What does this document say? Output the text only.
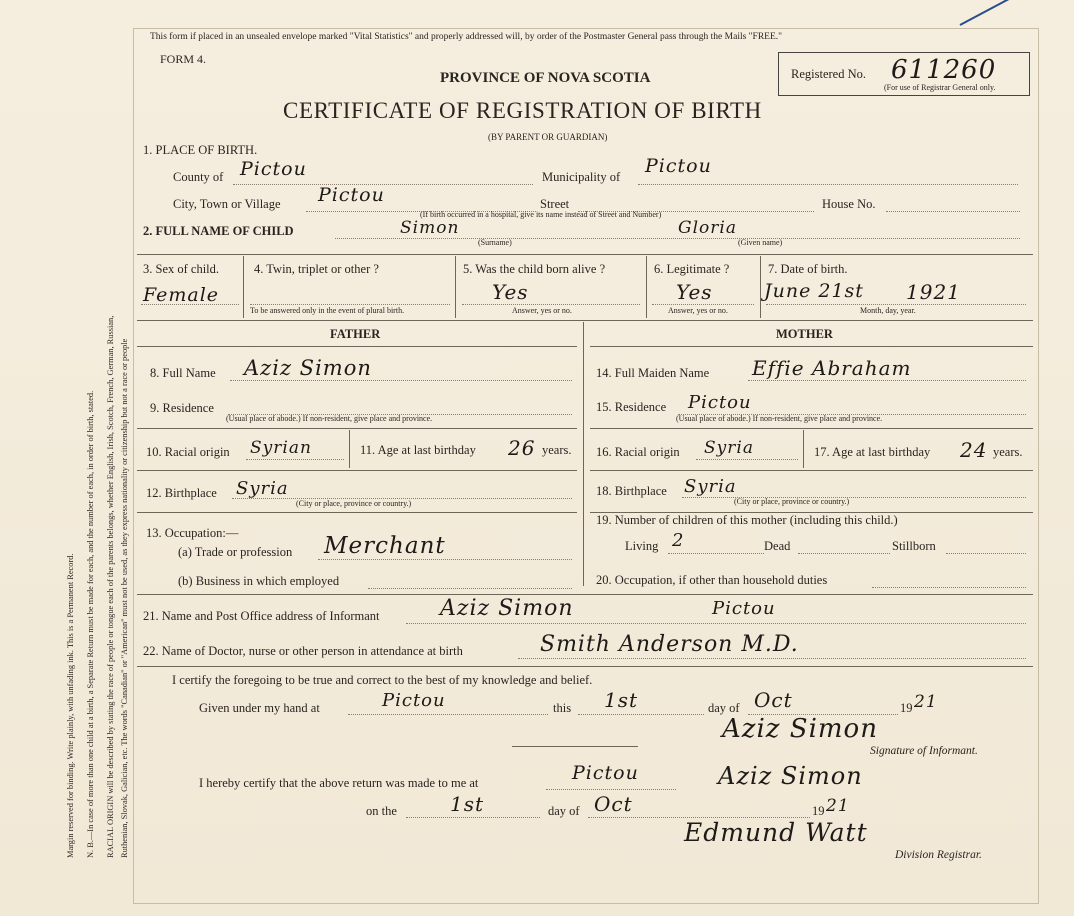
Margin reserved for binding. Write plainly, with unfading ink. This is a Permanent Record. N. B.—In case of more than one child at a birth, a Separate Return must be made for each, and the number of each, in order of birth, stated. RACIAL ORIGIN will be described by stating the race of people or tongue each of the parents belongs, whether English, Irish, Scotch, French, German, Russian, Ruthenian, Slovak, Galician, etc. The words "Canadian" or "American" must not be used, as they express nationality or citizenship but not a race or people
This form if placed in an unsealed envelope marked "Vital Statistics" and properly addressed will, by order of the Postmaster General pass through the Mails "FREE."
FORM 4.
PROVINCE OF NOVA SCOTIA
CERTIFICATE OF REGISTRATION OF BIRTH
(BY PARENT OR GUARDIAN)
Registered No. 611260
(For use of Registrar General only.
1. PLACE OF BIRTH.
County of Pictou	Municipality of Pictou
City, Town or Village Pictou	Street	House No.
(If birth occurred in a hospital, give its name instead of Street and Number)
2. FULL NAME OF CHILD	Simon
(Surname)
Gloria
(Given name)
3. Sex of child.
Female
4. Twin, triplet or other ?
To be answered only in the event of plural birth.
5. Was the child born alive ?
Yes
Answer, yes or no.
6. Legitimate ?
Yes
Answer, yes or no.
7. Date of birth.
June 21st 1921
Month, day, year.
FATHER	MOTHER
8. Full Name Aziz Simon
9. Residence
(Usual place of abode.) If non-resident, give place and province.
10. Racial origin Syrian	11. Age at last birthday 26 years.
12. Birthplace Syria
(City or place, province or country.)
13. Occupation:—
(a) Trade or profession Merchant
(b) Business in which employed
14. Full Maiden Name Effie Abraham
15. Residence Pictou
(Usual place of abode.) If non-resident, give place and province.
16. Racial origin Syria	17. Age at last birthday 24 years.
18. Birthplace Syria
(City or place, province or country.)
19. Number of children of this mother (including this child.)
Living 2	Dead	Stillborn
20. Occupation, if other than household duties
21. Name and Post Office address of Informant	Aziz Simon	Pictou
22. Name of Doctor, nurse or other person in attendance at birth	Smith Anderson M.D.
I certify the foregoing to be true and correct to the best of my knowledge and belief.
Given under my hand at	Pictou	this 1st	day of Oct	19 21
Aziz Simon
Signature of Informant.
I hereby certify that the above return was made to me at	Pictou	Aziz Simon
on the	1st	day of Oct	19 21
Edmund Watt
Division Registrar.
